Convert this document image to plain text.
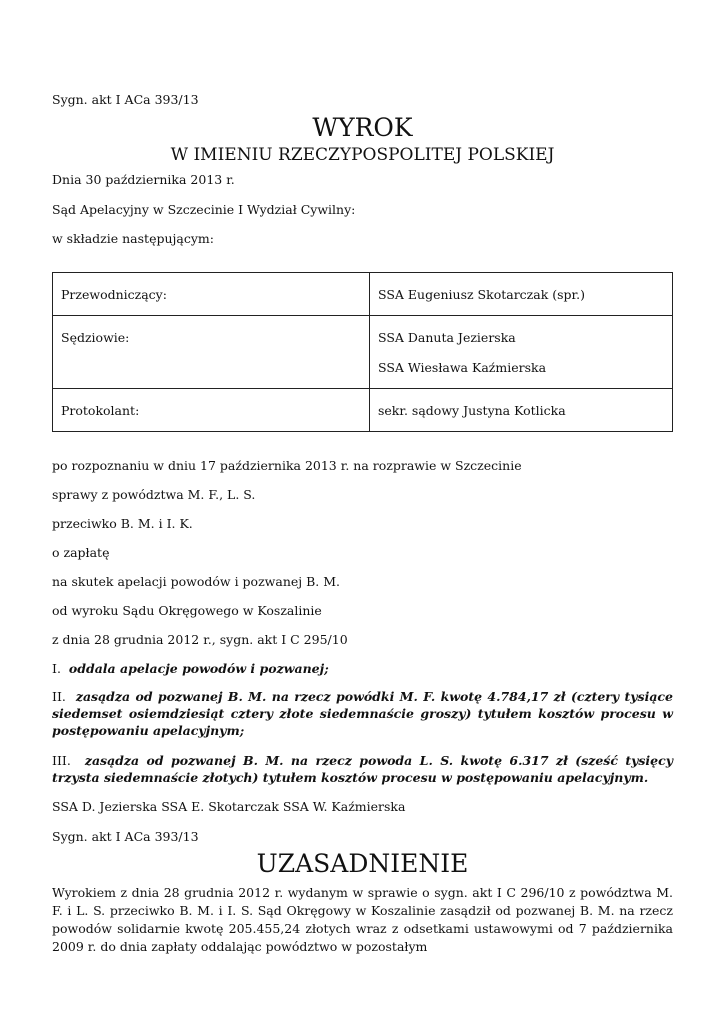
Sygn. akt I ACa 393/13
WYROK
W IMIENIU RZECZYPOSPOLITEJ POLSKIEJ
Dnia 30 października 2013 r.
Sąd Apelacyjny w Szczecinie I Wydział Cywilny:
w składzie następującym:
Przewodniczący:	SSA Eugeniusz Skotarczak (spr.)

Sędziowie:	SSA Danuta Jezierska
SSA Wiesława Kaźmierska

Protokolant:	sekr. sądowy Justyna Kotlicka
po rozpoznaniu w dniu 17 października 2013 r. na rozprawie w Szczecinie
sprawy z powództwa M. F., L. S.
przeciwko B. M. i I. K.
o zapłatę
na skutek apelacji powodów i pozwanej B. M.
od wyroku Sądu Okręgowego w Koszalinie
z dnia 28 grudnia 2012 r., sygn. akt I C 295/10
I. oddala apelacje powodów i pozwanej;
II. zasądza od pozwanej B. M. na rzecz powódki M. F. kwotę 4.784,17 zł (cztery tysiące siedemset osiemdziesiąt cztery złote siedemnaście groszy) tytułem kosztów procesu w postępowaniu apelacyjnym;
III. zasądza od pozwanej B. M. na rzecz powoda L. S. kwotę 6.317 zł (sześć tysięcy trzysta siedemnaście złotych) tytułem kosztów procesu w postępowaniu apelacyjnym.
SSA D. Jezierska SSA E. Skotarczak SSA W. Kaźmierska
Sygn. akt I ACa 393/13
UZASADNIENIE
Wyrokiem z dnia 28 grudnia 2012 r. wydanym w sprawie o sygn. akt I C 296/10 z powództwa M. F. i L. S. przeciwko B. M. i I. S. Sąd Okręgowy w Koszalinie zasądził od pozwanej B. M. na rzecz powodów solidarnie kwotę 205.455,24 złotych wraz z odsetkami ustawowymi od 7 października 2009 r. do dnia zapłaty oddalając powództwo w pozostałym
